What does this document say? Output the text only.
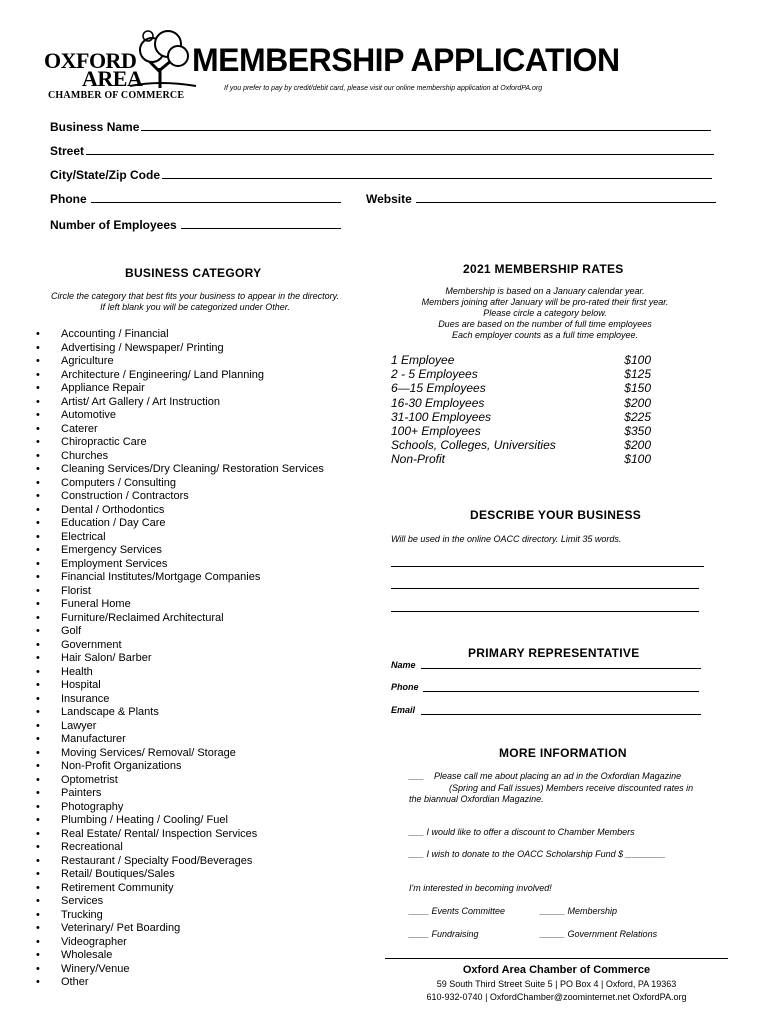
OXFORD
AREA
CHAMBER OF COMMERCE
MEMBERSHIP APPLICATION
If you prefer to pay by credit/debit card, please visit our online membership application at OxfordPA.org
Business Name
Street
City/State/Zip Code
Phone	Website
Number of Employees
BUSINESS CATEGORY
Circle the category that best fits your business to appear in the directory.
If left blank you will be categorized under Other.
• Accounting / Financial
• Advertising / Newspaper/ Printing
• Agriculture
• Architecture / Engineering/ Land Planning
• Appliance Repair
• Artist/ Art Gallery / Art Instruction
• Automotive
• Caterer
• Chiropractic Care
• Churches
• Cleaning Services/Dry Cleaning/ Restoration Services
• Computers / Consulting
• Construction / Contractors
• Dental / Orthodontics
• Education / Day Care
• Electrical
• Emergency Services
• Employment Services
• Financial Institutes/Mortgage Companies
• Florist
• Funeral Home
• Furniture/Reclaimed Architectural
• Golf
• Government
• Hair Salon/ Barber
• Health
• Hospital
• Insurance
• Landscape & Plants
• Lawyer
• Manufacturer
• Moving Services/ Removal/ Storage
• Non-Profit Organizations
• Optometrist
• Painters
• Photography
• Plumbing / Heating / Cooling/ Fuel
• Real Estate/ Rental/ Inspection Services
• Recreational
• Restaurant / Specialty Food/Beverages
• Retail/ Boutiques/Sales
• Retirement Community
• Services
• Trucking
• Veterinary/ Pet Boarding
• Videographer
• Wholesale
• Winery/Venue
• Other
2021 MEMBERSHIP RATES
Membership is based on a January calendar year.
Members joining after January will be pro-rated their first year.
Please circle a category below.
Dues are based on the number of full time employees
Each employer counts as a full time employee.
1 Employee	$100
2 - 5 Employees	$125
6—15 Employees	$150
16-30 Employees	$200
31-100 Employees	$225
100+ Employees	$350
Schools, Colleges, Universities	$200
Non-Profit	$100
DESCRIBE YOUR BUSINESS
Will be used in the online OACC directory. Limit 35 words.
PRIMARY REPRESENTATIVE
Name
Phone
Email
MORE INFORMATION
___ Please call me about placing an ad in the Oxfordian Magazine
(Spring and Fall issues) Members receive discounted rates in
the biannual Oxfordian Magazine.
___ I would like to offer a discount to Chamber Members
___ I wish to donate to the OACC Scholarship Fund $ ________
I'm interested in becoming involved!
____ Events Committee	_____ Membership
____ Fundraising	_____ Government Relations
Oxford Area Chamber of Commerce
59 South Third Street Suite 5 | PO Box 4 | Oxford, PA 19363
610-932-0740 | OxfordChamber@zoominternet.net OxfordPA.org
